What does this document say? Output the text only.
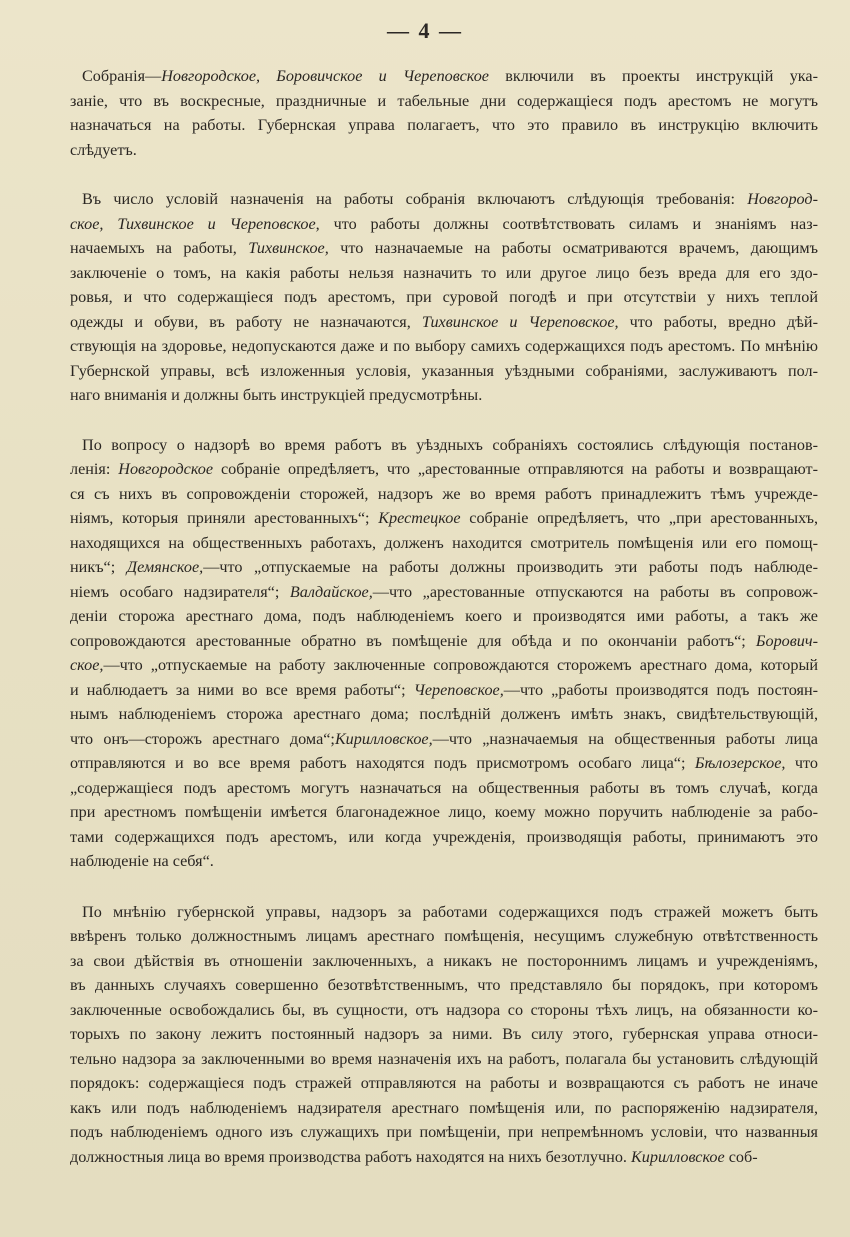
— 4 —

Собранія—Новгородское, Боровичское и Череповское включили въ проекты инструкцій ука-
заніе, что въ воскресные, праздничные и табельные дни содержащіеся подъ арестомъ не могутъ
назначаться на работы. Губернская управа полагаетъ, что это правило въ инструкцію включить
слѣдуетъ.

Въ число условій назначенія на работы собранія включаютъ слѣдующія требованія: Новгород-
ское, Тихвинское и Череповское, что работы должны соотвѣтствовать силамъ и знаніямъ наз-
начаемыхъ на работы, Тихвинское, что назначаемые на работы осматриваются врачемъ, дающимъ
заключеніе о томъ, на какія работы нельзя назначить то или другое лицо безъ вреда для его здо-
ровья, и что содержащіеся подъ арестомъ, при суровой погодѣ и при отсутствіи у нихъ теплой
одежды и обуви, въ работу не назначаются, Тихвинское и Череповское, что работы, вредно дѣй-
ствующія на здоровье, недопускаются даже и по выбору самихъ содержащихся подъ арестомъ. По мнѣнію
Губернской управы, всѣ изложенныя условія, указанныя уѣздными собраніями, заслуживаютъ пол-
наго вниманія и должны быть инструкціей предусмотрѣны.

По вопросу о надзорѣ во время работъ въ уѣздныхъ собраніяхъ состоялись слѣдующія постанов-
ленія: Новгородское собраніе опредѣляетъ, что „арестованные отправляются на работы и возвращают-
ся съ нихъ въ сопровожденіи сторожей, надзоръ же во время работъ принадлежитъ тѣмъ учрежде-
ніямъ, которыя приняли арестованныхъ“; Крестецкое собраніе опредѣляетъ, что „при арестованныхъ,
находящихся на общественныхъ работахъ, долженъ находится смотритель помѣщенія или его помощ-
никъ“; Демянское,—что „отпускаемые на работы должны производить эти работы подъ наблюде-
ніемъ особаго надзирателя“; Валдайское,—что „арестованные отпускаются на работы въ сопровож-
деніи сторожа арестнаго дома, подъ наблюденіемъ коего и производятся ими работы, а такъ же
сопровождаются арестованные обратно въ помѣщеніе для обѣда и по окончаніи работъ“; Борович-
ское,—что „отпускаемые на работу заключенные сопровождаются сторожемъ арестнаго дома, который
и наблюдаетъ за ними во все время работы“; Череповское,—что „работы производятся подъ постоян-
нымъ наблюденіемъ сторожа арестнаго дома; послѣдній долженъ имѣть знакъ, свидѣтельствующій,
что онъ—сторожъ арестнаго дома“;Кирилловское,—что „назначаемыя на общественныя работы лица
отправляются и во все время работъ находятся подъ присмотромъ особаго лица“; Бѣлозерское, что
„содержащіеся подъ арестомъ могутъ назначаться на общественныя работы въ томъ случаѣ, когда
при арестномъ помѣщеніи имѣется благонадежное лицо, коему можно поручить наблюденіе за рабо-
тами содержащихся подъ арестомъ, или когда учрежденія, производящія работы, принимаютъ это
наблюденіе на себя“.

По мнѣнію губернской управы, надзоръ за работами содержащихся подъ стражей можетъ быть
ввѣренъ только должностнымъ лицамъ арестнаго помѣщенія, несущимъ служебную отвѣтственность
за свои дѣйствія въ отношеніи заключенныхъ, а никакъ не постороннимъ лицамъ и учрежденіямъ,
въ данныхъ случаяхъ совершенно безотвѣтственнымъ, что представляло бы порядокъ, при которомъ
заключенные освобождались бы, въ сущности, отъ надзора со стороны тѣхъ лицъ, на обязанности ко-
торыхъ по закону лежитъ постоянный надзоръ за ними. Въ силу этого, губернская управа относи-
тельно надзора за заключенными во время назначенія ихъ на работъ, полагала бы установить слѣдующій
порядокъ: содержащіеся подъ стражей отправляются на работы и возвращаются съ работъ не иначе
какъ или подъ наблюденіемъ надзирателя арестнаго помѣщенія или, по распоряженію надзирателя,
подъ наблюденіемъ одного изъ служащихъ при помѣщеніи, при непремѣнномъ условіи, что названныя
должностныя лица во время производства работъ находятся на нихъ безотлучно. Кирилловское соб-
